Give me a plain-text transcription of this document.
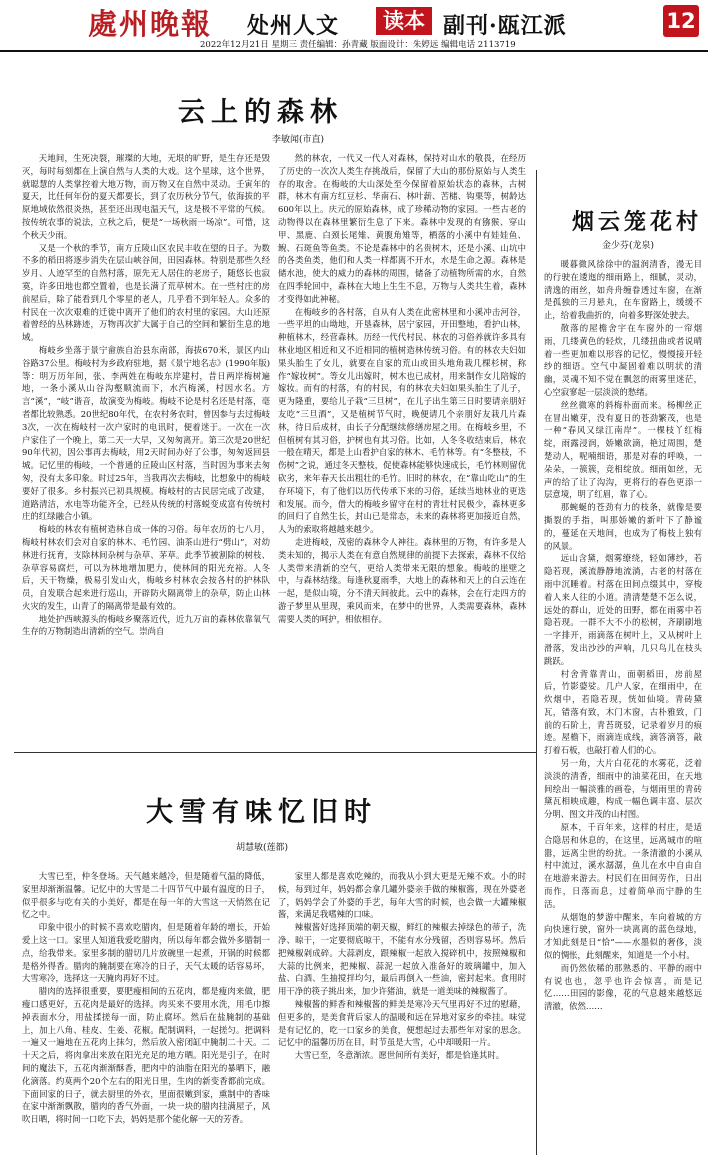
處州晚報 处州人文	读本 副刊·瓯江派	12
2022年12月21日 星期三 责任编辑：孙青藏 版面设计：朱婷远 编辑电话 2113719
云上的森林
李敏闻(市直)

天地间，生死决裂，璀璨的大地，无垠的旷野，是生存还是毁灭，每时每刻都在上演自然与人类的大戏。这个星球，这个世界，就聪慧的人类掌控着大地万物，而万物又在自然中灵动。壬寅年的夏天，比任何年份的夏天都要长，到了农历秋分节气，依海拔的平原地域依然很炎热，甚至还出现电温天气，这是极不平常的气候。按传统农事的说法，立秋之后，便是“一场秋雨一场凉”。可惜，这个秋天少雨。

又是一个秋的季节，南方丘陵山区农民丰收在望的日子。为数不多的稻田将逐步消失在层山峡谷间，田园森林。特别是那些久经岁月、人迹罕至的自然村落，原先无人居住的老房子，随悠长也寂寞，许多田地也都空置着，也是长满了荒草树木。在一些村庄的房前屋后，除了能看到几个零星的老人，几乎看不到年轻人。众多的村民在一次次艰难的迁徙中离开了他们的农村里的家园。大山还原着曾经的丛林跡迹，万物再次扩大属于自己的空间和繁衍生息的地域。

梅岐乡坐落于景宁畲族自治县东南部，海拔670米，景区内山谷路37公里。梅岐村为乡政府驻地，据《景宁地名志》(1990年版)等：明万历年间，张、李两姓在梅岐东岸建村，昔日两岸梅树遍地，一条小溪从山谷沟壑顺流而下，水汽梅溪，村因水名。方言“溪”，“岐”谐音，故演变为梅岐。梅岐不论是村名还是村落，毫者都比较熟悉。20世纪80年代，在农村务农时，曾因参与去过梅岐3次，一次在梅岐村一次户家时的电讯时，便着迷于。一次在一次户家住了一个晚上，第二天一大早，又匆匆离开。第三次是20世纪90年代初，因公事再去梅岐，用2天时间办好了公事，匆匆返回县城。记忆里的梅岐，一个普通的丘陵山区村落，当时因为事来去匆匆，没有太多印象。时过25年，当我再次去梅岐，比想象中的梅岐要好了很多。乡村振兴已初具规模。梅岐村的古民居完成了改建，道路清洁，水电等功能齐全，已经从传统的村落蜕变成富有传统村庄的红绿融合小镇。

梅岐的林农有植树造林自成一体的习俗。每年农历的七八月，梅岐村林农们会对自家的林木、毛竹园、油茶山进行“劈山”，对幼林进行抚育，支除林间杂树与杂草、茅草。此季节被割除的树枝、杂草容易腐烂，可以为林地增加肥力，使林间的阳光充裕。人冬后，天干物燥，极易引发山火，梅岐乡村林农会按各村的护林队员，自发联合起来进行巡山，开辟防火隔离带上的杂草，防止山林火灾的发生，山青了的隔离带是最有效的。

地处护西峡源头的梅岐乡聚落近代，近九万亩的森林依靠氧气生存的万物制造出清新的空气。崇尚自

然的林农，一代又一代人对森林，保持对山水的敬畏，在经历了历史的一次次人类生存挑战后，保留了大山的那份原始与人类生存的取舍。在梅岐的大山深处至今保留着原始状态的森林，古树群，林木有南方红豆杉、华南石、林叶薪、苦槠、钩栗等，树龄达600年以上。庆元的原始森林，成了珍稀动物的家园。一些古老的动物得以在森林里繁衍生息了下来。森林中发现的有猕猴、穿山甲、黑鹿、白颈长尾雉、黄腹角雉等，栖落的小溪中有娃娃鱼、鲵、石斑鱼等鱼类。不论是森林中的名贵树木，还是小溪、山坑中的各类鱼类，他们和人类一样都离不开水，水是生命之源。森林是储水池，使大的威力的森林的周围，储备了动植物所需的水，自然在四季轮回中，森林在大地上生生不息，万物与人类共生着，森林才变得如此神秘。

在梅岐乡的各村落，自从有人类在此密林里和小溪冲击河谷，一些平坦的山坳地，开垦森林，居宁家园，开田整地，看护山林，种植林木，经营森林。历经一代代村民、林农的习俗养就许多具有林业地区相近和又不近相同的植树造林传统习俗。有的林农夫妇如果头胎生了女儿，就要在自家的荒山或田头地角栽几棵杉树，称作“嫁妆树”。等女儿出嫁时，树木也已成材，用来制作女儿陪嫁的嫁妆。而有的村落，有的村民，有的林农夫妇如果头胎生了儿子，更为隆重，要给儿子栽“三旦树”，在儿子出生第三日时要请亲朋好友吃“三旦酒”，又是植树节气时，晚便请几个亲朋好友栽几片森林，待日后成材，由长子分配继续修缮房屋之用。在梅岐乡里，不但植树有其习俗，护树也有其习俗。比如，人冬冬收结束后，林农一般在晴天，都是上山看护自家的林木、毛竹林等。有“冬整枝，不伤树”之说，通过冬天整枝，促使森林能够快速成长，毛竹林则留优砍劣，来年春天长出粗壮的毛竹。旧时的林农，在“靠山吃山”的生存环境下，有了他们以历代传承下来的习俗，延续当地林业的更迭和发展。而今，借大的梅岐乡留守在村的青壮村民极少，森林更多的回归了自然生长，封山已是常态，未来的森林将更加接近自然，人为的索取将越越来越少。

走进梅岐，茂密的森林令人神往。森林里的万物，有许多是人类未知的，揭示人类在有意自然规律的前提下去探索，森林不仅给人类带来清新的空气，更给人类带来无限的想象。梅岐的崖壁之中，与森林结缘。每逢秋夏雨季，大地上的森林和天上的白云连在一起，是似山境，分不清天间彼此。云中的森林，会在行走四方的游子梦里从里现，乘风而来，在梦中的世界，人类需要森林，森林需要人类的呵护，相依相存。

大雪有味忆旧时
胡慧敏(莲都)

大雪已至，仲冬登场。天气越来越冷，但是随着气温的降低，家里却渐渐温馨。记忆中的大雪是二十四节气中最有温度的日子，似乎很多与吃有关的小美好，都是在每一年的大雪这一天悄然在记忆之中。

印象中很小的时候不喜欢吃腊肉，但是随着年龄的增长，开始爱上这一口。家里人知道我爱吃腊肉，所以每年都会做外多腊制一点，给我带来。家里多制的腊切几片放碗里一起煮，开锅的时候都是格外得香。腊肉的腌制要在寒冷的日子，天气太暖的话容易坏，大雪寒冷，选择这一天腌肉再好不过。

腊肉的选择很重要，要肥瘦相间的五花肉，都是瘦肉来做，肥瘦口感更好，五花肉是最好的选择。肉买来不要用水洗，用毛巾擦掉表面水分，用盐揉搓每一面，防止腐坏。然后在盐腌制的基础上，加上八角、桂皮、生姜、花椒。配制调料，一起搓匀。把调料一遍又一遍地在五花肉上抹匀，然后放入密闭缸中腌制二十天。二十天之后，将肉拿出来放在阳光充足的地方晒。阳光是引子，在时间的魔法下，五花肉渐渐酥香，肥肉中的油脂在阳光的暴晒下，融化滴落。约莫两个20个左右的阳光日里，生肉的新变香都前完成。下面回家的日子，就去厨里的外衣，里面很嫩到家，熏制中的香味在家中渐渐飘散，腊肉的香气外面，一块一块的腊肉挂满屋子，风吹日晒，将时间一口吃下去，妈妈是那个能化解一天的芳香。

家里人都是喜欢吃辣的，而我从小到大更是无辣不欢。小的时候，每到过年，妈妈都会拿几罐外婆亲手做的辣椒酱，现在外婆老了，妈妈学会了外婆的手艺，每年大雪的时候，也会做一大罐辣椒酱，来满足我嗜辣的口味。

辣椒酱好选择顶端的朝天椒，鲜红的辣椒去掉绿色的蒂子，洗净、晾干，一定要彻底晾干，不能有水分残留，否则容易坏。然后把辣椒剁成碎。大蒜剥皮，跟辣椒一起放入搅碎机中，按照辣椒和大蒜的比例来，把辣椒、蒜泥一起放入准备好的玻璃罐中，加入盐、白酒、生抽搅拌均匀，最后再倒入一些油，密封起来。食用时用干净的筷子挑出来，加少许猪油，就是一道美味的辣椒酱了。

辣椒酱的鲜香和辣椒酱的鲜美是寒冷天气里再好不过的慰藉，但更多的，是美食背后家人的温暖和远在异地对家乡的牵挂。味觉是有记忆的，吃一口家乡的美食，便想起过去那些年对家的思念。记忆中的温馨历历在目，时节虽是大雪，心中却暖阳一片。

大雪已至，冬意渐浓。愿世间所有美好，都是恰逢其时。

烟云笼花村
金少芬(龙泉)

暖暮微风徐徐中的温润清香，漫无目的行驶在逶迤的细雨路上，细腻，灵动，清逸的雨丝，如舟舟缠眷透过车窗，在渐是孤独的三月悬丸，在车窗路上，缓缓不止，给着我曲折的，向着多野深处驶去。

散落的屋檐舍宇在车窗外的一帘烟雨，几缕黄色的轻炊，几缕扭曲或者说晴着一些更加难以形容的记忆，慢慢接开轻纱的细语。空气中凝固着难以明状的清幽，灵魂不知不觉在飘忽的雨雾里迷茫，心空寂寥起一层淡淡的愁绪。

丝丝微寒的斜梅朴面而来。杨柳丝正在冒出嫩芽，没有夏日的苍劲繁茂，也是一种“春风又绿江南岸”。一棵枝丫红梅绽，雨露浸润，娇嫩欲滴，艳过周围，楚楚动人，呢喃细语，那是对春的呼唤，一朵朵，一簇簇，竞相绽放。细雨如丝，无声的给了让了沟沟，更将行的春色更添一层意境，明了红眉，靠了心。

那蜿蜒的苍劲有力的枝条，就像是要撕裂的手指，叫那娇嫩的新叶下了静谧的，蔓延在天地间，也成为了梅枝上独有的风景。

远山含黛，烟雾缭绕，轻如薄纱，若隐若现，溪流静静地流淌，古老的村落在雨中沉睡着。村落在田间点缀其中，穿梭着人来人往的小道。清清楚楚不怎么说，远处的群山，近处的田野，都在雨雾中若隐若现。一群不大不小的松树，齐刷刷地一字排开，雨滴落在树叶上，又从树叶上滑落，发出沙沙的声响，几只鸟儿在枝头跳跃。

村舍背靠青山，面朝稻田，房前屋后，竹影婆娑。几户人家，在细雨中，在炊烟中，若隐若现，恍如仙境。青砖黛瓦，错落有致，木门木窗，古朴雅致，门前的石阶上，青苔斑驳，记录着岁月的痕迹。屋檐下，雨滴连成线，滴答滴答，敲打着石板，也敲打着人们的心。

另一角，大片白花花的水雾花，泛着淡淡的清香，细雨中的油菜花田，在天地间绘出一幅淡雅的画卷，与烟雨里的青砖黛瓦相映成趣，构成一幅色调丰富、层次分明、图文并茂的山村图。

原本，千百年来，这样的村庄，是适合隐居和休息的，在这里，远离城市的喧嚣，远离尘世的纷扰。一条清澈的小溪从村中流过，溪水潺潺，鱼儿在水中自由自在地游来游去。村民们在田间劳作，日出而作，日落而息，过着简单而宁静的生活。

从烟饱的梦游中醒来，车向着城的方向快速行驶，窗外一块离离的蓝色绿地，才知此刻是日“恰”——水墨似的奢侈，淡似的惆怅，此刻醒来，知道是一个小村。

而仍然依稀的那熟悉的、平静的雨中有说也也，忽乎也许会惊喜，而是记忆……田园的影像，花的气息越来越悠远清澈，依然……
